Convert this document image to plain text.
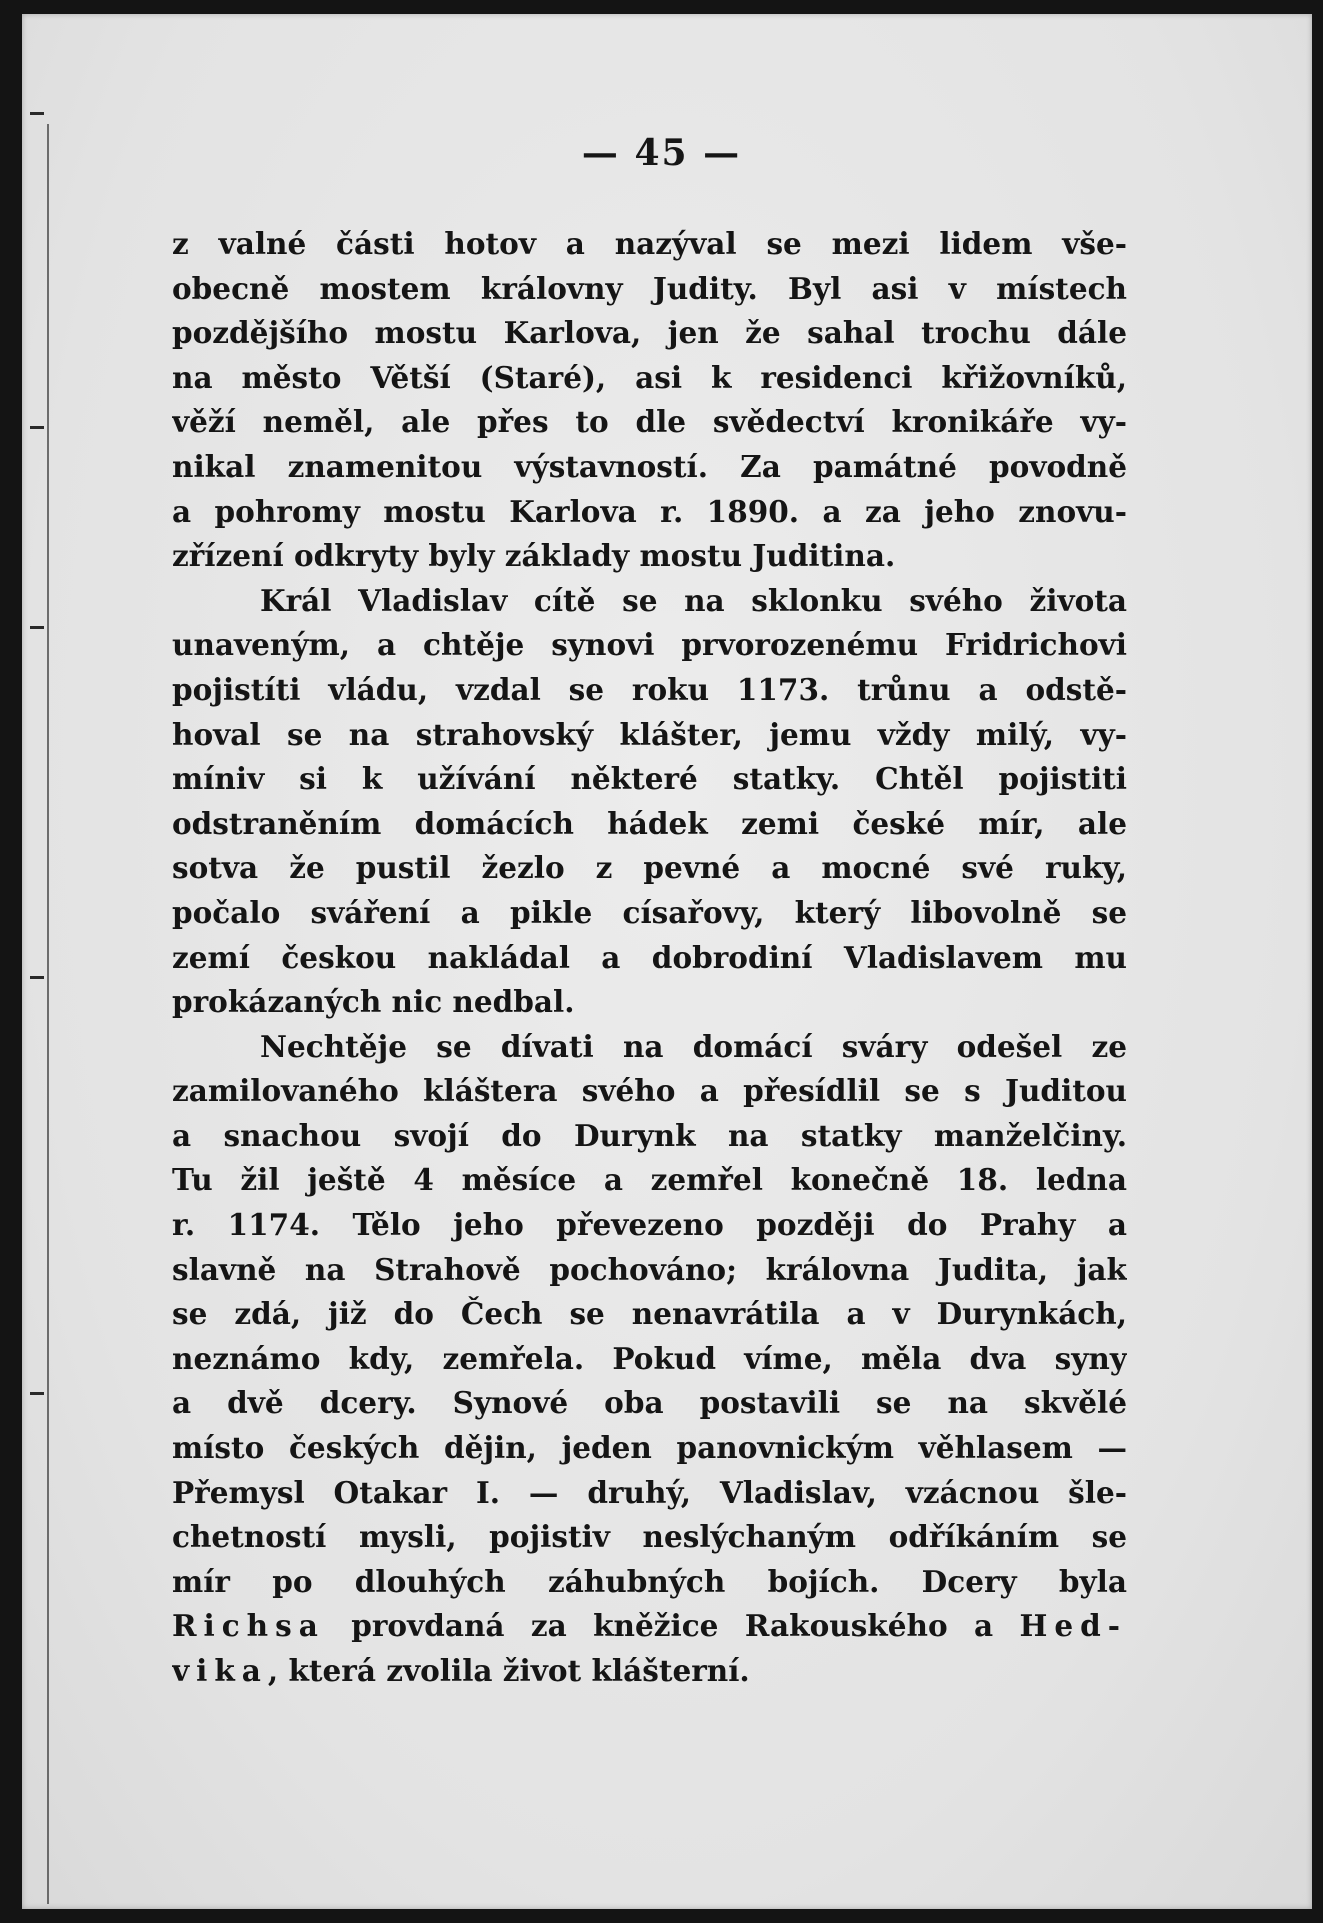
— 45 —
z valné části hotov a nazýval se mezi lidem vše-
obecně mostem královny Judity. Byl asi v místech
pozdějšího mostu Karlova, jen že sahal trochu dále
na město Větší (Staré), asi k residenci křižovníků,
věží neměl, ale přes to dle svědectví kronikáře vy-
nikal znamenitou výstavností. Za památné povodně
a pohromy mostu Karlova r. 1890. a za jeho znovu-
zřízení odkryty byly základy mostu Juditina.
Král Vladislav cítě se na sklonku svého života
unaveným, a chtěje synovi prvorozenému Fridrichovi
pojistíti vládu, vzdal se roku 1173. trůnu a odstě-
hoval se na strahovský klášter, jemu vždy milý, vy-
míniv si k užívání některé statky. Chtěl pojistiti
odstraněním domácích hádek zemi české mír, ale
sotva že pustil žezlo z pevné a mocné své ruky,
počalo sváření a pikle císařovy, který libovolně se
zemí českou nakládal a dobrodiní Vladislavem mu
prokázaných nic nedbal.
Nechtěje se dívati na domácí sváry odešel ze
zamilovaného kláštera svého a přesídlil se s Juditou
a snachou svojí do Durynk na statky manželčiny.
Tu žil ještě 4 měsíce a zemřel konečně 18. ledna
r. 1174. Tělo jeho převezeno později do Prahy a
slavně na Strahově pochováno; královna Judita, jak
se zdá, již do Čech se nenavrátila a v Durynkách,
neznámo kdy, zemřela. Pokud víme, měla dva syny
a dvě dcery. Synové oba postavili se na skvělé
místo českých dějin, jeden panovnickým věhlasem —
Přemysl Otakar I. — druhý, Vladislav, vzácnou šle-
chetností mysli, pojistiv neslýchaným odříkáním se
mír po dlouhých záhubných bojích. Dcery byla
Richsa provdaná za kněžice Rakouského a Hed-
vika, která zvolila život klášterní.
